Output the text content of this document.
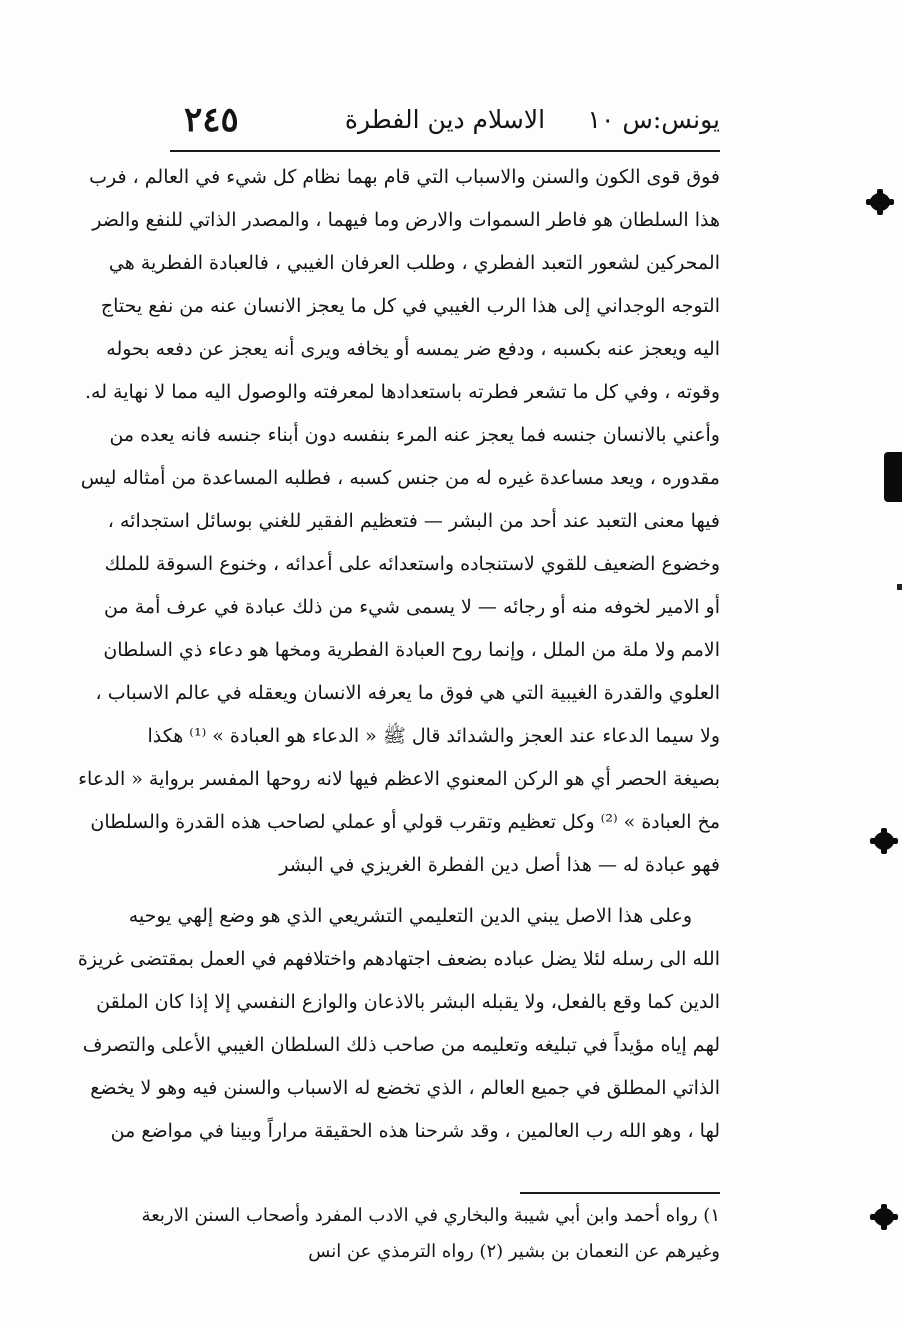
يونس:س ١٠
الاسلام دين الفطرة
٢٤٥
فوق قوى الكون والسنن والاسباب التي قام بهما نظام كل شيء في العالم ، فرب
هذا السلطان هو فاطر السموات والارض وما فيهما ، والمصدر الذاتي للنفع والضر
المحركين لشعور التعبد الفطري ، وطلب العرفان الغيبي ، فالعبادة الفطرية هي
التوجه الوجداني إلى هذا الرب الغيبي في كل ما يعجز الانسان عنه من نفع يحتاج
اليه ويعجز عنه بكسبه ، ودفع ضر يمسه أو يخافه ويرى أنه يعجز عن دفعه بحوله
وقوته ، وفي كل ما تشعر فطرته باستعدادها لمعرفته والوصول اليه مما لا نهاية له.
وأعني بالانسان جنسه فما يعجز عنه المرء بنفسه دون أبناء جنسه فانه يعده من
مقدوره ، ويعد مساعدة غيره له من جنس كسبه ، فطلبه المساعدة من أمثاله ليس
فيها معنى التعبد عند أحد من البشر — فتعظيم الفقير للغني بوسائل استجدائه ،
وخضوع الضعيف للقوي لاستنجاده واستعدائه على أعدائه ، وخنوع السوقة للملك
أو الامير لخوفه منه أو رجائه — لا يسمى شيء من ذلك عبادة في عرف أمة من
الامم ولا ملة من الملل ، وإنما روح العبادة الفطرية ومخها هو دعاء ذي السلطان
العلوي والقدرة الغيبية التي هي فوق ما يعرفه الانسان ويعقله في عالم الاسباب ،
ولا سيما الدعاء عند العجز والشدائد قال ﷺ « الدعاء هو العبادة » ⁽¹⁾ هكذا
بصيغة الحصر أي هو الركن المعنوي الاعظم فيها لانه روحها المفسر برواية « الدعاء
مخ العبادة » ⁽²⁾ وكل تعظيم وتقرب قولي أو عملي لصاحب هذه القدرة والسلطان
فهو عبادة له — هذا أصل دين الفطرة الغريزي في البشر
وعلى هذا الاصل يبني الدين التعليمي التشريعي الذي هو وضع إلهي يوحيه
الله الى رسله لئلا يضل عباده بضعف اجتهادهم واختلافهم في العمل بمقتضى غريزة
الدين كما وقع بالفعل، ولا يقبله البشر بالاذعان والوازع النفسي إلا إذا كان الملقن
لهم إياه مؤيداً في تبليغه وتعليمه من صاحب ذلك السلطان الغيبي الأعلى والتصرف
الذاتي المطلق في جميع العالم ، الذي تخضع له الاسباب والسنن فيه وهو لا يخضع
لها ، وهو الله رب العالمين ، وقد شرحنا هذه الحقيقة مراراً وبينا في مواضع من
١) رواه أحمد وابن أبي شيبة والبخاري في الادب المفرد وأصحاب السنن الاربعة
وغيرهم عن النعمان بن بشير (٢) رواه الترمذي عن انس
